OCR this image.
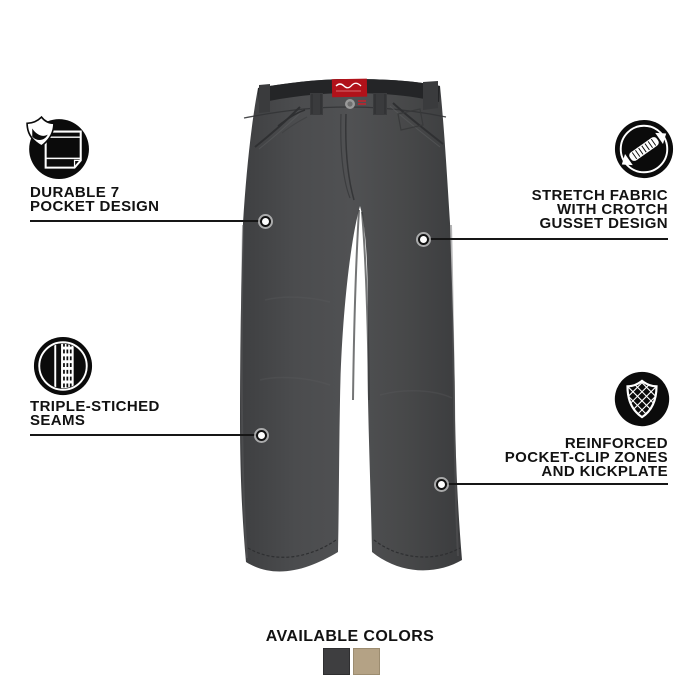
DURABLE 7
POCKET DESIGN
STRETCH FABRIC
WITH CROTCH
GUSSET DESIGN
TRIPLE-STICHED
SEAMS
REINFORCED
POCKET-CLIP ZONES
AND KICKPLATE
AVAILABLE COLORS
